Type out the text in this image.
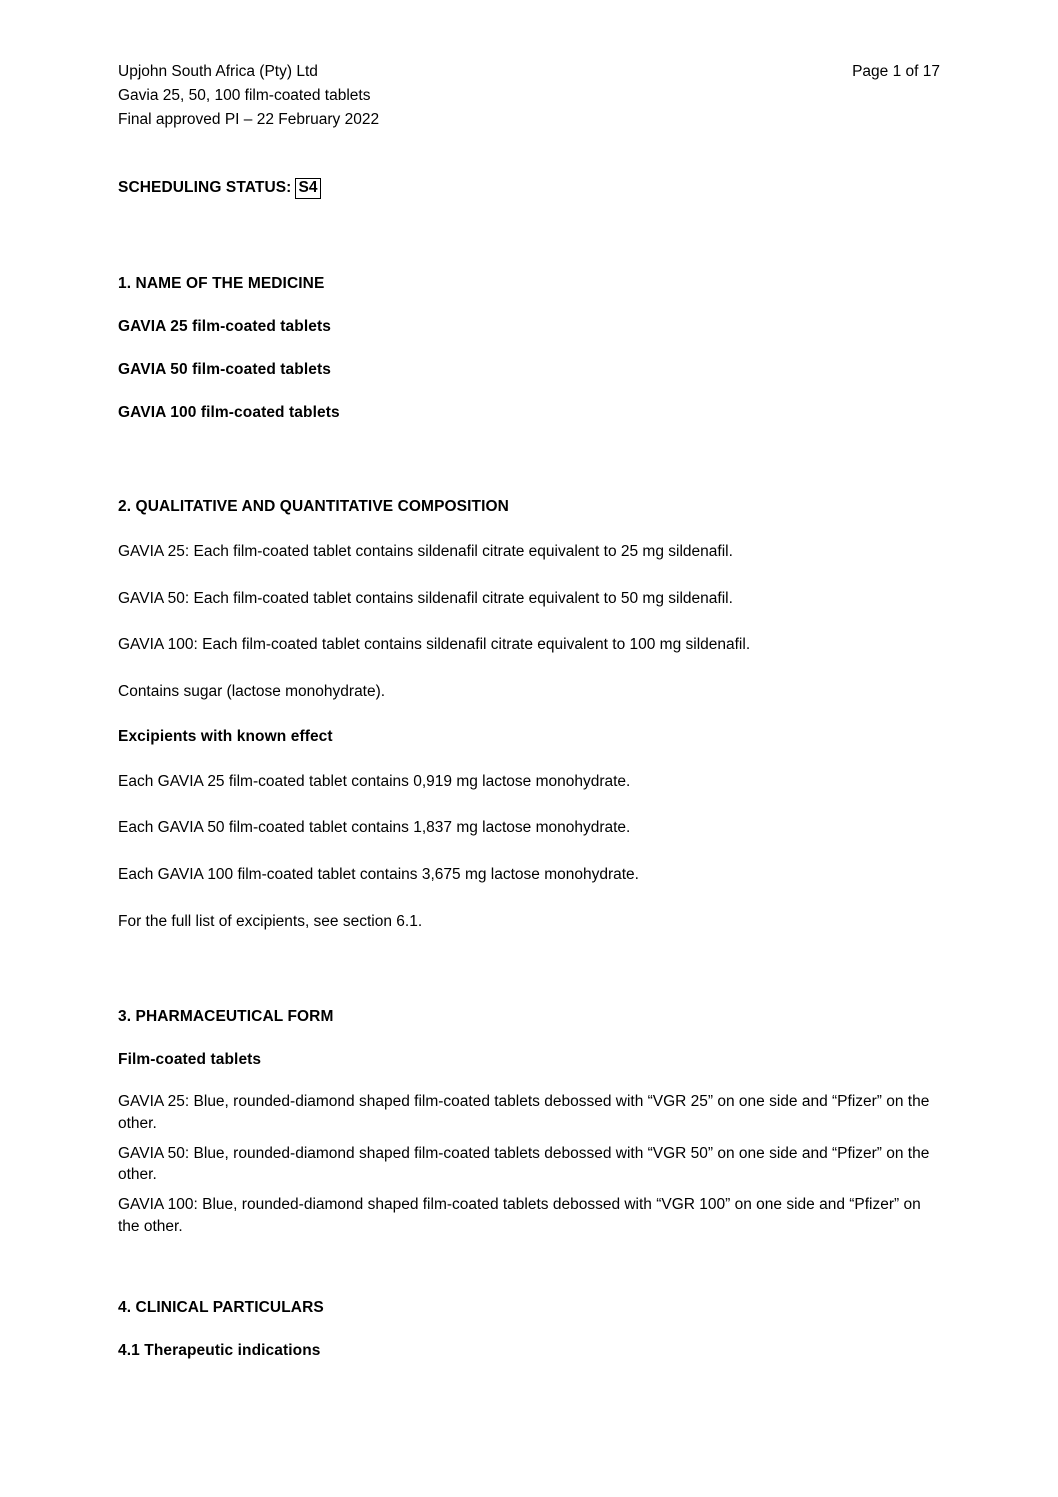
Upjohn South Africa (Pty) Ltd
Gavia 25, 50, 100 film-coated tablets
Final approved PI – 22 February 2022
Page 1 of 17
SCHEDULING STATUS: S4
1. NAME OF THE MEDICINE

GAVIA 25 film-coated tablets

GAVIA 50 film-coated tablets

GAVIA 100 film-coated tablets

2. QUALITATIVE AND QUANTITATIVE COMPOSITION

GAVIA 25: Each film-coated tablet contains sildenafil citrate equivalent to 25 mg sildenafil.

GAVIA 50: Each film-coated tablet contains sildenafil citrate equivalent to 50 mg sildenafil.

GAVIA 100: Each film-coated tablet contains sildenafil citrate equivalent to 100 mg sildenafil.

Contains sugar (lactose monohydrate).

Excipients with known effect

Each GAVIA 25 film-coated tablet contains 0,919 mg lactose monohydrate.

Each GAVIA 50 film-coated tablet contains 1,837 mg lactose monohydrate.

Each GAVIA 100 film-coated tablet contains 3,675 mg lactose monohydrate.

For the full list of excipients, see section 6.1.

3. PHARMACEUTICAL FORM

Film-coated tablets

GAVIA 25: Blue, rounded-diamond shaped film-coated tablets debossed with “VGR 25” on one side and “Pfizer” on the other.

GAVIA 50: Blue, rounded-diamond shaped film-coated tablets debossed with “VGR 50” on one side and “Pfizer” on the other.

GAVIA 100: Blue, rounded-diamond shaped film-coated tablets debossed with “VGR 100” on one side and “Pfizer” on the other.

4. CLINICAL PARTICULARS

4.1 Therapeutic indications
